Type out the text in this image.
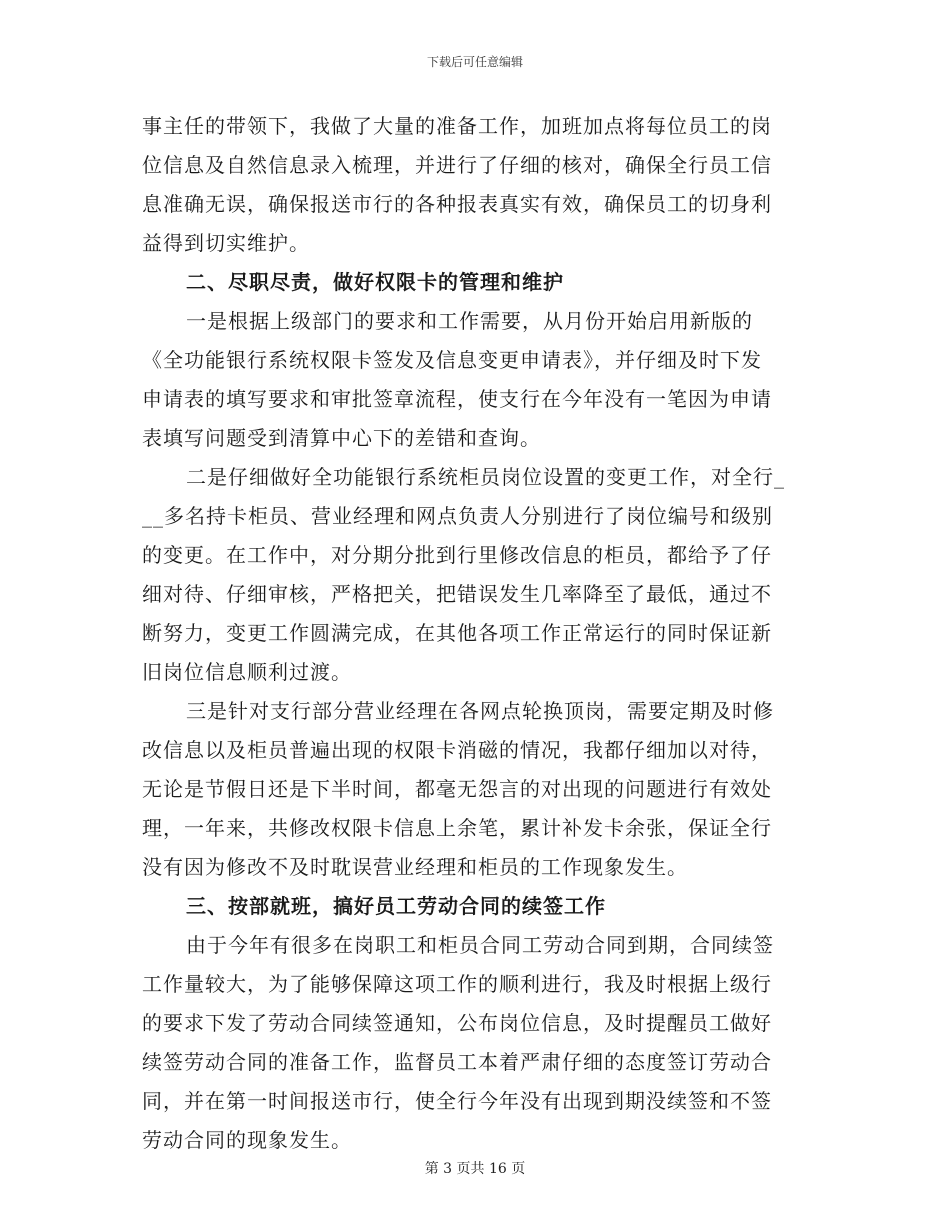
下载后可任意编辑
事主任的带领下，我做了大量的准备工作，加班加点将每位员工的岗
位信息及自然信息录入梳理，并进行了仔细的核对，确保全行员工信
息准确无误，确保报送市行的各种报表真实有效，确保员工的切身利
益得到切实维护。
二、尽职尽责，做好权限卡的管理和维护
一是根据上级部门的要求和工作需要，从月份开始启用新版的
《全功能银行系统权限卡签发及信息变更申请表》，并仔细及时下发
申请表的填写要求和审批签章流程，使支行在今年没有一笔因为申请
表填写问题受到清算中心下的差错和查询。
二是仔细做好全功能银行系统柜员岗位设置的变更工作，对全行_
__多名持卡柜员、营业经理和网点负责人分别进行了岗位编号和级别
的变更。在工作中，对分期分批到行里修改信息的柜员，都给予了仔
细对待、仔细审核，严格把关，把错误发生几率降至了最低，通过不
断努力，变更工作圆满完成，在其他各项工作正常运行的同时保证新
旧岗位信息顺利过渡。
三是针对支行部分营业经理在各网点轮换顶岗，需要定期及时修
改信息以及柜员普遍出现的权限卡消磁的情况，我都仔细加以对待，
无论是节假日还是下半时间，都毫无怨言的对出现的问题进行有效处
理，一年来，共修改权限卡信息上余笔，累计补发卡余张，保证全行
没有因为修改不及时耽误营业经理和柜员的工作现象发生。
三、按部就班，搞好员工劳动合同的续签工作
由于今年有很多在岗职工和柜员合同工劳动合同到期，合同续签
工作量较大，为了能够保障这项工作的顺利进行，我及时根据上级行
的要求下发了劳动合同续签通知，公布岗位信息，及时提醒员工做好
续签劳动合同的准备工作，监督员工本着严肃仔细的态度签订劳动合
同，并在第一时间报送市行，使全行今年没有出现到期没续签和不签
劳动合同的现象发生。
第 3 页共 16 页
